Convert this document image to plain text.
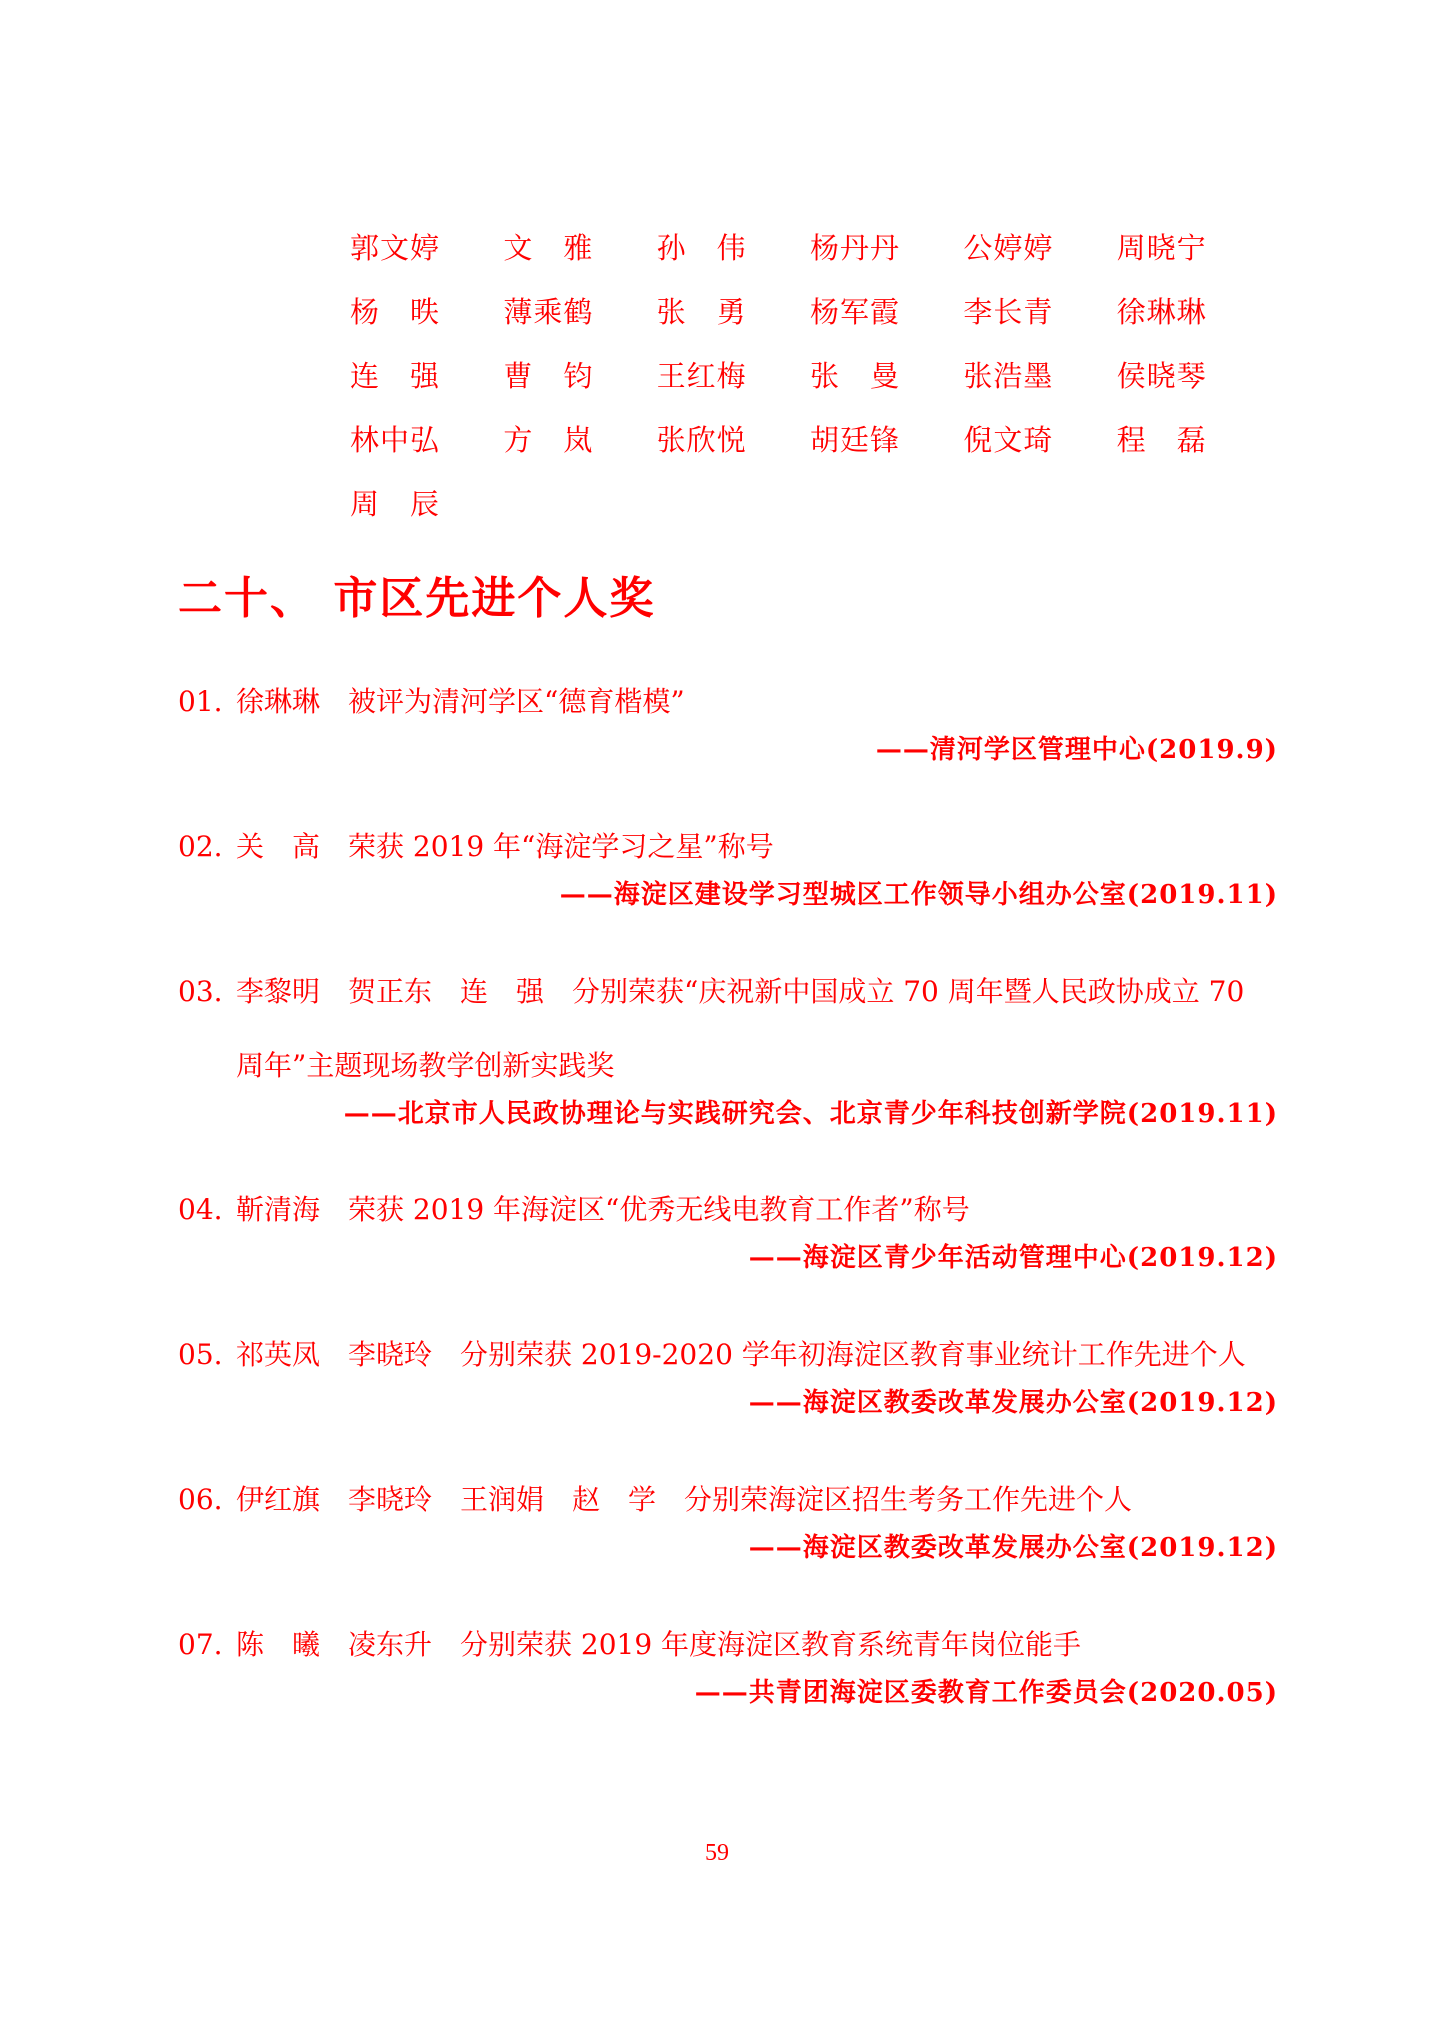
郭文婷	文　雅	孙　伟	杨丹丹	公婷婷	周晓宁
杨　昳	薄乘鹤	张　勇	杨军霞	李长青	徐琳琳
连　强	曹　钧	王红梅	张　曼	张浩墨	侯晓琴
林中弘	方　岚	张欣悦	胡廷锋	倪文琦	程　磊
周　辰
二十、 市区先进个人奖
01. 徐琳琳　被评为清河学区“德育楷模”
——清河学区管理中心(2019.9)
02. 关　高　荣获 2019 年“海淀学习之星”称号
——海淀区建设学习型城区工作领导小组办公室(2019.11)
03. 李黎明　贺正东　连　强　分别荣获“庆祝新中国成立 70 周年暨人民政协成立 70
周年”主题现场教学创新实践奖
——北京市人民政协理论与实践研究会、北京青少年科技创新学院(2019.11)
04. 靳清海　荣获 2019 年海淀区“优秀无线电教育工作者”称号
——海淀区青少年活动管理中心(2019.12)
05. 祁英凤　李晓玲　分别荣获 2019-2020 学年初海淀区教育事业统计工作先进个人
——海淀区教委改革发展办公室(2019.12)
06. 伊红旗　李晓玲　王润娟　赵　学　分别荣海淀区招生考务工作先进个人
——海淀区教委改革发展办公室(2019.12)
07. 陈　曦　凌东升　分别荣获 2019 年度海淀区教育系统青年岗位能手
——共青团海淀区委教育工作委员会(2020.05)
59
